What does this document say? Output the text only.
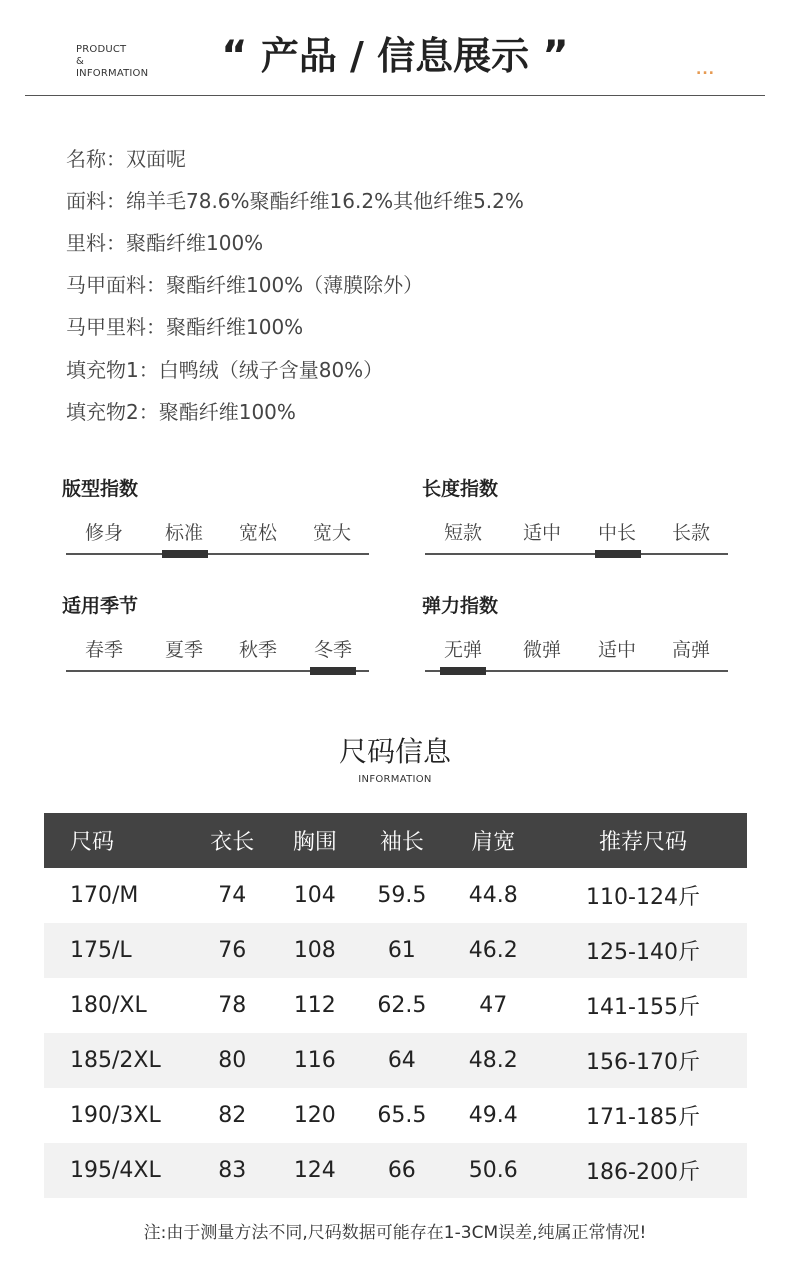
PRODUCT
&
INFORMATION	“ 产品 / 信息展示 ”	...
名称：双面呢
面料：绵羊毛78.6%聚酯纤维16.2%其他纤维5.2%
里料：聚酯纤维100%
马甲面料：聚酯纤维100%（薄膜除外）
马甲里料：聚酯纤维100%
填充物1：白鸭绒（绒子含量80%）
填充物2：聚酯纤维100%
版型指数
修身	标准	宽松	宽大
长度指数
短款	适中	中长	长款
适用季节
春季	夏季	秋季	冬季
弹力指数
无弹	微弹	适中	高弹
尺码信息
INFORMATION
尺码	衣长	胸围	袖长	肩宽	推荐尺码
170/M	74	104	59.5	44.8	110-124斤
175/L	76	108	61	46.2	125-140斤
180/XL	78	112	62.5	47	141-155斤
185/2XL	80	116	64	48.2	156-170斤
190/3XL	82	120	65.5	49.4	171-185斤
195/4XL	83	124	66	50.6	186-200斤
注:由于测量方法不同,尺码数据可能存在1-3CM误差,纯属正常情况!
